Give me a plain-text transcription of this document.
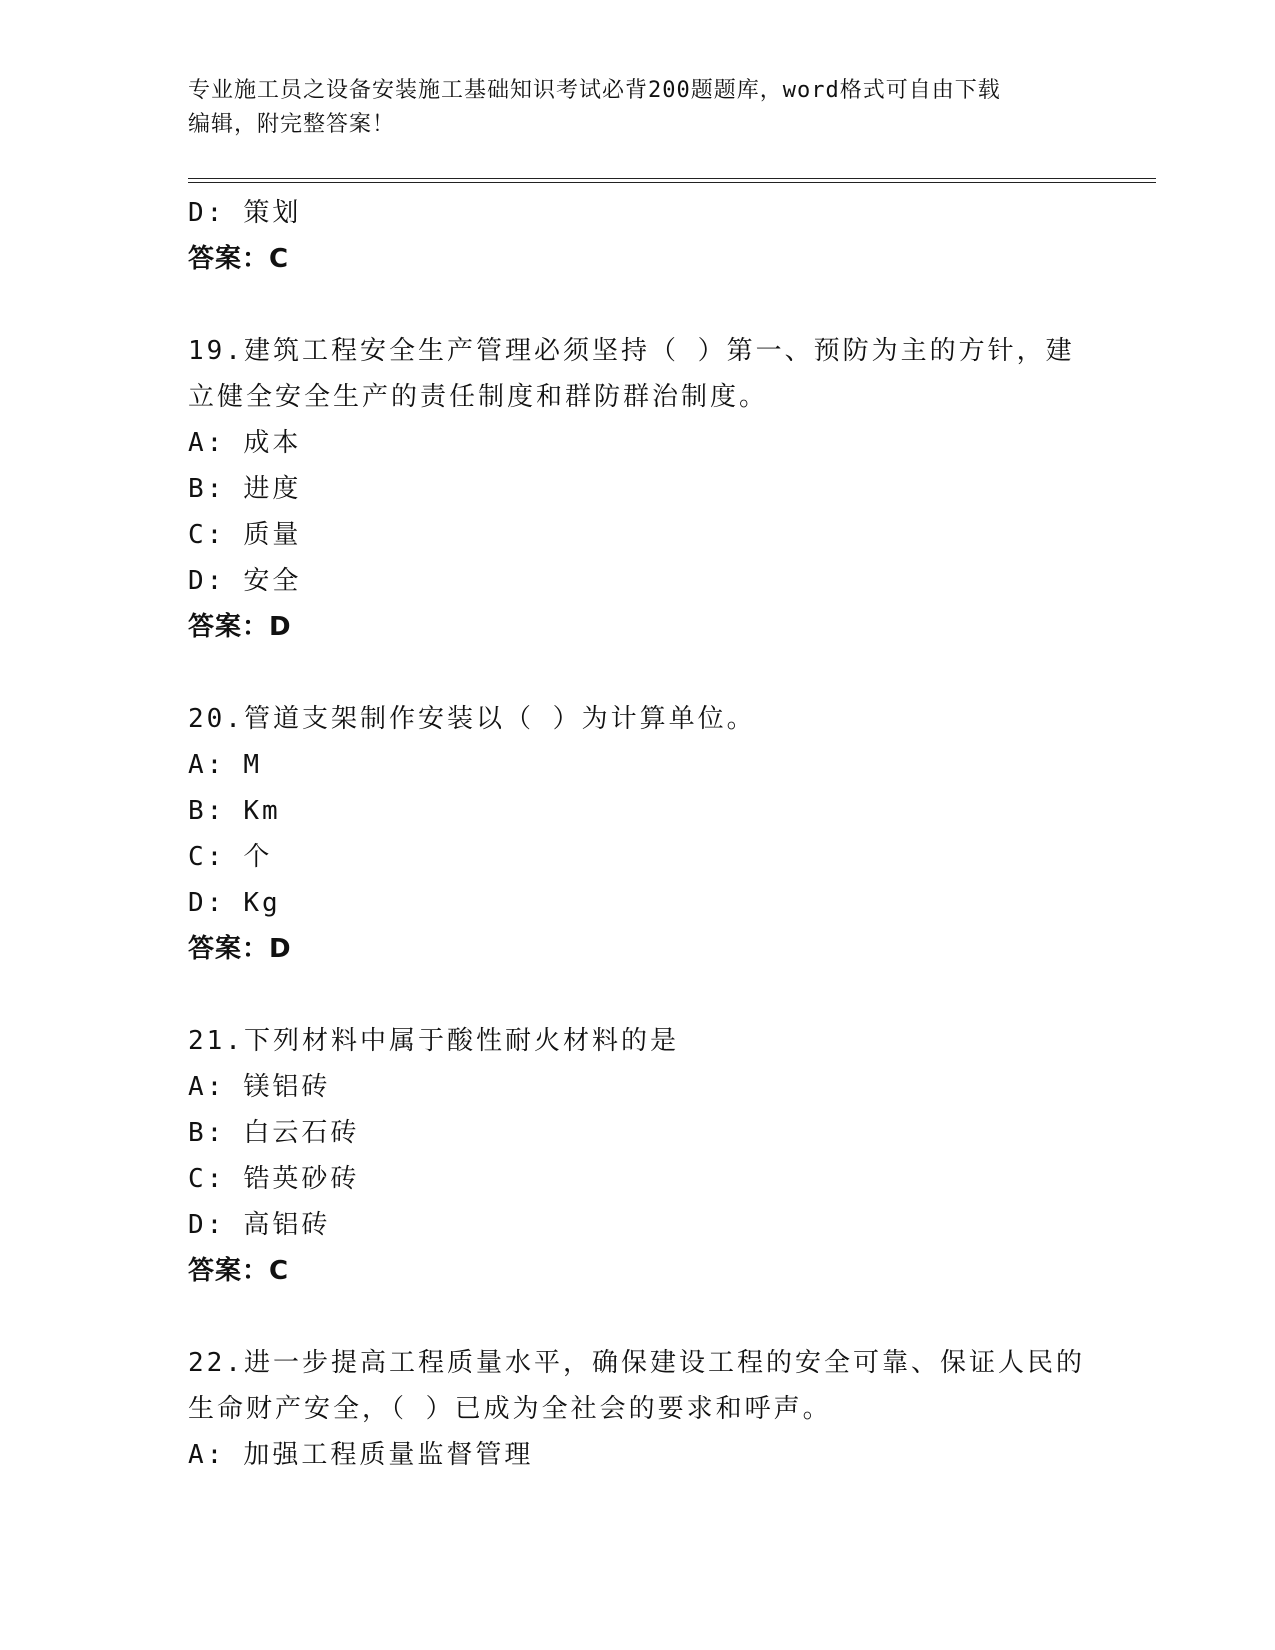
专业施工员之设备安装施工基础知识考试必背200题题库，word格式可自由下载
编辑，附完整答案！
D: 策划
答案：C
19.建筑工程安全生产管理必须坚持（ ）第一、预防为主的方针，建
立健全安全生产的责任制度和群防群治制度。
A: 成本
B: 进度
C: 质量
D: 安全
答案：D
20.管道支架制作安装以（ ）为计算单位。
A: M
B: Km
C: 个
D: Kg
答案：D
21.下列材料中属于酸性耐火材料的是
A: 镁铝砖
B: 白云石砖
C: 锆英砂砖
D: 高铝砖
答案：C
22.进一步提高工程质量水平，确保建设工程的安全可靠、保证人民的
生命财产安全，（ ）已成为全社会的要求和呼声。
A: 加强工程质量监督管理
